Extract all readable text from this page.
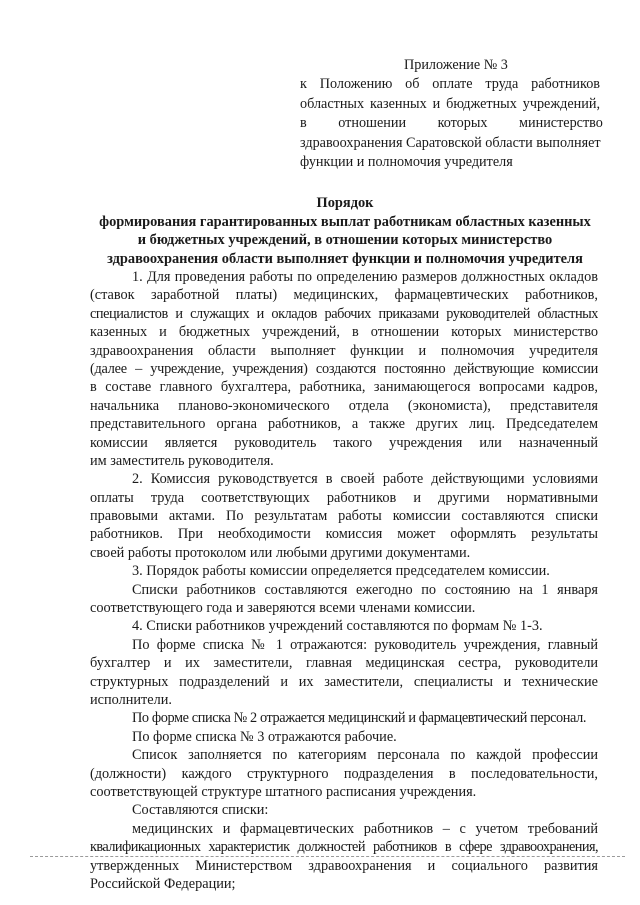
Приложение № 3
к Положению об оплате труда работников
областных казенных и бюджетных учреждений,
в отношении которых министерство
здравоохранения Саратовской области выполняет
функции и полномочия учредителя
Порядок
формирования гарантированных выплат работникам областных казенных
и бюджетных учреждений, в отношении которых министерство
здравоохранения области выполняет функции и полномочия учредителя
1. Для проведения работы по определению размеров должностных окладов
(ставок заработной платы) медицинских, фармацевтических работников,
специалистов и служащих и окладов рабочих приказами руководителей областных
казенных и бюджетных учреждений, в отношении которых министерство
здравоохранения области выполняет функции и полномочия учредителя
(далее – учреждение, учреждения) создаются постоянно действующие комиссии
в составе главного бухгалтера, работника, занимающегося вопросами кадров,
начальника планово-экономического отдела (экономиста), представителя
представительного органа работников, а также других лиц. Председателем
комиссии является руководитель такого учреждения или назначенный
им заместитель руководителя.
2. Комиссия руководствуется в своей работе действующими условиями
оплаты труда соответствующих работников и другими нормативными
правовыми актами. По результатам работы комиссии составляются списки
работников. При необходимости комиссия может оформлять результаты
своей работы протоколом или любыми другими документами.
3. Порядок работы комиссии определяется председателем комиссии.
Списки работников составляются ежегодно по состоянию на 1 января
соответствующего года и заверяются всеми членами комиссии.
4. Списки работников учреждений составляются по формам № 1-3.
По форме списка № 1 отражаются: руководитель учреждения, главный
бухгалтер и их заместители, главная медицинская сестра, руководители
структурных подразделений и их заместители, специалисты и технические
исполнители.
По форме списка № 2 отражается медицинский и фармацевтический персонал.
По форме списка № 3 отражаются рабочие.
Список заполняется по категориям персонала по каждой профессии
(должности) каждого структурного подразделения в последовательности,
соответствующей структуре штатного расписания учреждения.
Составляются списки:
медицинских и фармацевтических работников – с учетом требований
квалификационных характеристик должностей работников в сфере здравоохранения,
утвержденных Министерством здравоохранения и социального развития
Российской Федерации;
